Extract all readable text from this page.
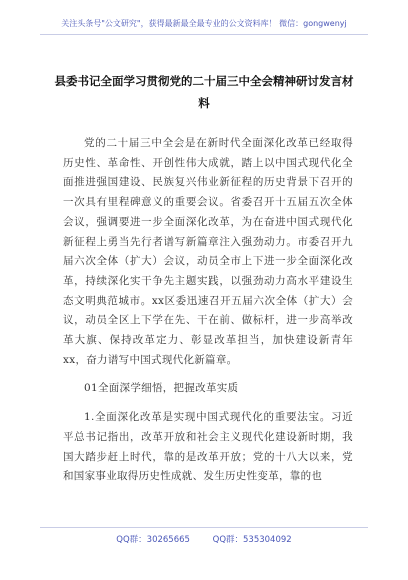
关注头条号"公文研究"，获得最新最全最专业的公文资料库！ 微信：gongwenyj
县委书记全面学习贯彻党的二十届三中全会精神研讨发言材料

党的二十届三中全会是在新时代全面深化改革已经取得历史性、革命性、开创性伟大成就，踏上以中国式现代化全面推进强国建设、民族复兴伟业新征程的历史背景下召开的一次具有里程碑意义的重要会议。省委召开十五届五次全体会议，强调要进一步全面深化改革，为在奋进中国式现代化新征程上勇当先行者谱写新篇章注入强劲动力。市委召开九届六次全体（扩大）会议，动员全市上下进一步全面深化改革，持续深化实干争先主题实践，以强劲动力高水平建设生态文明典范城市。xx区委迅速召开五届六次全体（扩大）会议，动员全区上下学在先、干在前、做标杆，进一步高举改革大旗、保持改革定力、彰显改革担当，加快建设新青年xx，奋力谱写中国式现代化新篇章。

01全面深学细悟，把握改革实质

1.全面深化改革是实现中国式现代化的重要法宝。习近平总书记指出，改革开放和社会主义现代化建设新时期，我国大踏步赶上时代，靠的是改革开放；党的十八大以来，党和国家事业取得历史性成就、发生历史性变革，靠的也

QQ群：30265665	QQ群：535304092
